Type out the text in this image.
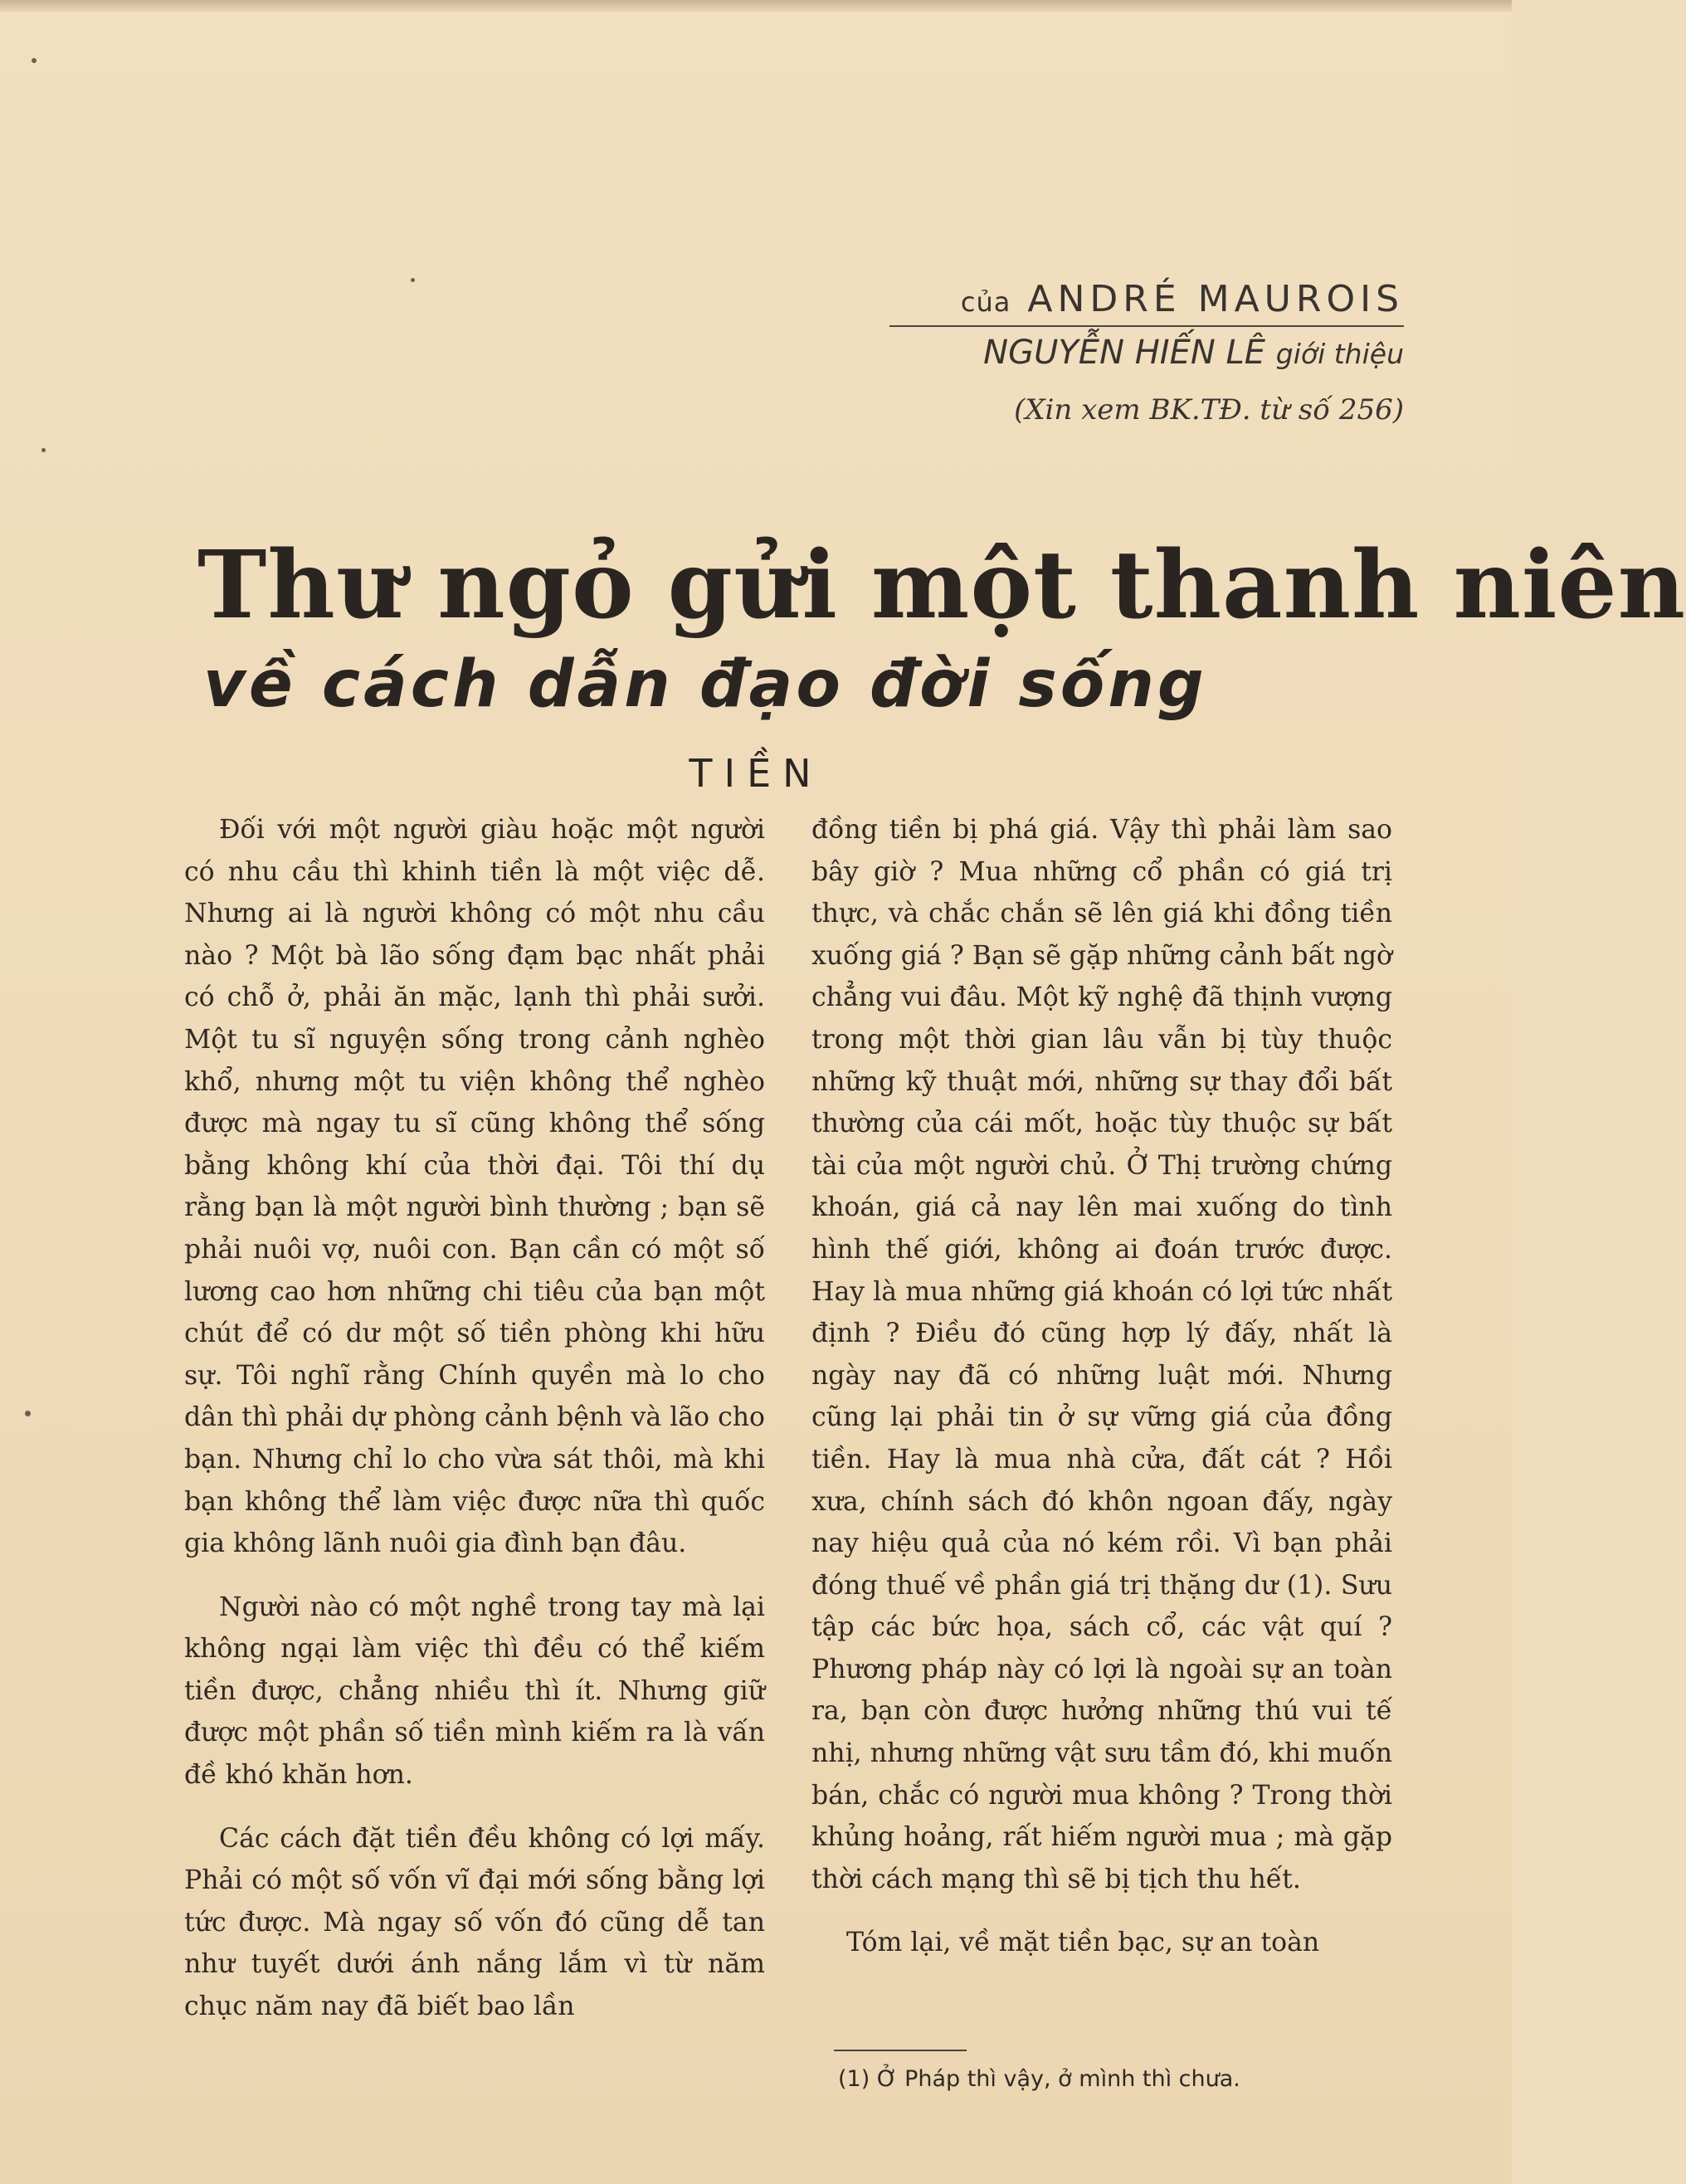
của ANDRÉ MAUROIS
NGUYỄN HIẾN LÊ giới thiệu
(Xin xem BK.TĐ. từ số 256)
Thư ngỏ gửi một thanh niên
về cách dẫn đạo đời sống
TIỀN

Đối với một người giàu hoặc một người có nhu cầu thì khinh tiền là một việc dễ. Nhưng ai là người không có một nhu cầu nào ? Một bà lão sống đạm bạc nhất phải có chỗ ở, phải ăn mặc, lạnh thì phải sưởi. Một tu sĩ nguyện sống trong cảnh nghèo khổ, nhưng một tu viện không thể nghèo được mà ngay tu sĩ cũng không thể sống bằng không khí của thời đại. Tôi thí dụ rằng bạn là một người bình thường ; bạn sẽ phải nuôi vợ, nuôi con. Bạn cần có một số lương cao hơn những chi tiêu của bạn một chút để có dư một số tiền phòng khi hữu sự. Tôi nghĩ rằng Chính quyền mà lo cho dân thì phải dự phòng cảnh bệnh và lão cho bạn. Nhưng chỉ lo cho vừa sát thôi, mà khi bạn không thể làm việc được nữa thì quốc gia không lãnh nuôi gia đình bạn đâu.

Người nào có một nghề trong tay mà lại không ngại làm việc thì đều có thể kiếm tiền được, chẳng nhiều thì ít. Nhưng giữ được một phần số tiền mình kiếm ra là vấn đề khó khăn hơn.

Các cách đặt tiền đều không có lợi mấy. Phải có một số vốn vĩ đại mới sống bằng lợi tức được. Mà ngay số vốn đó cũng dễ tan như tuyết dưới ánh nắng lắm vì từ năm chục năm nay đã biết bao lần

đồng tiền bị phá giá. Vậy thì phải làm sao bây giờ ? Mua những cổ phần có giá trị thực, và chắc chắn sẽ lên giá khi đồng tiền xuống giá ? Bạn sẽ gặp những cảnh bất ngờ chẳng vui đâu. Một kỹ nghệ đã thịnh vượng trong một thời gian lâu vẫn bị tùy thuộc những kỹ thuật mới, những sự thay đổi bất thường của cái mốt, hoặc tùy thuộc sự bất tài của một người chủ. Ở Thị trường chứng khoán, giá cả nay lên mai xuống do tình hình thế giới, không ai đoán trước được. Hay là mua những giá khoán có lợi tức nhất định ? Điều đó cũng hợp lý đấy, nhất là ngày nay đã có những luật mới. Nhưng cũng lại phải tin ở sự vững giá của đồng tiền. Hay là mua nhà cửa, đất cát ? Hồi xưa, chính sách đó khôn ngoan đấy, ngày nay hiệu quả của nó kém rồi. Vì bạn phải đóng thuế về phần giá trị thặng dư (1). Sưu tập các bức họa, sách cổ, các vật quí ? Phương pháp này có lợi là ngoài sự an toàn ra, bạn còn được hưởng những thú vui tế nhị, nhưng những vật sưu tầm đó, khi muốn bán, chắc có người mua không ? Trong thời khủng hoảng, rất hiếm người mua ; mà gặp thời cách mạng thì sẽ bị tịch thu hết.

Tóm lại, về mặt tiền bạc, sự an toàn

(1) Ở Pháp thì vậy, ở mình thì chưa.
